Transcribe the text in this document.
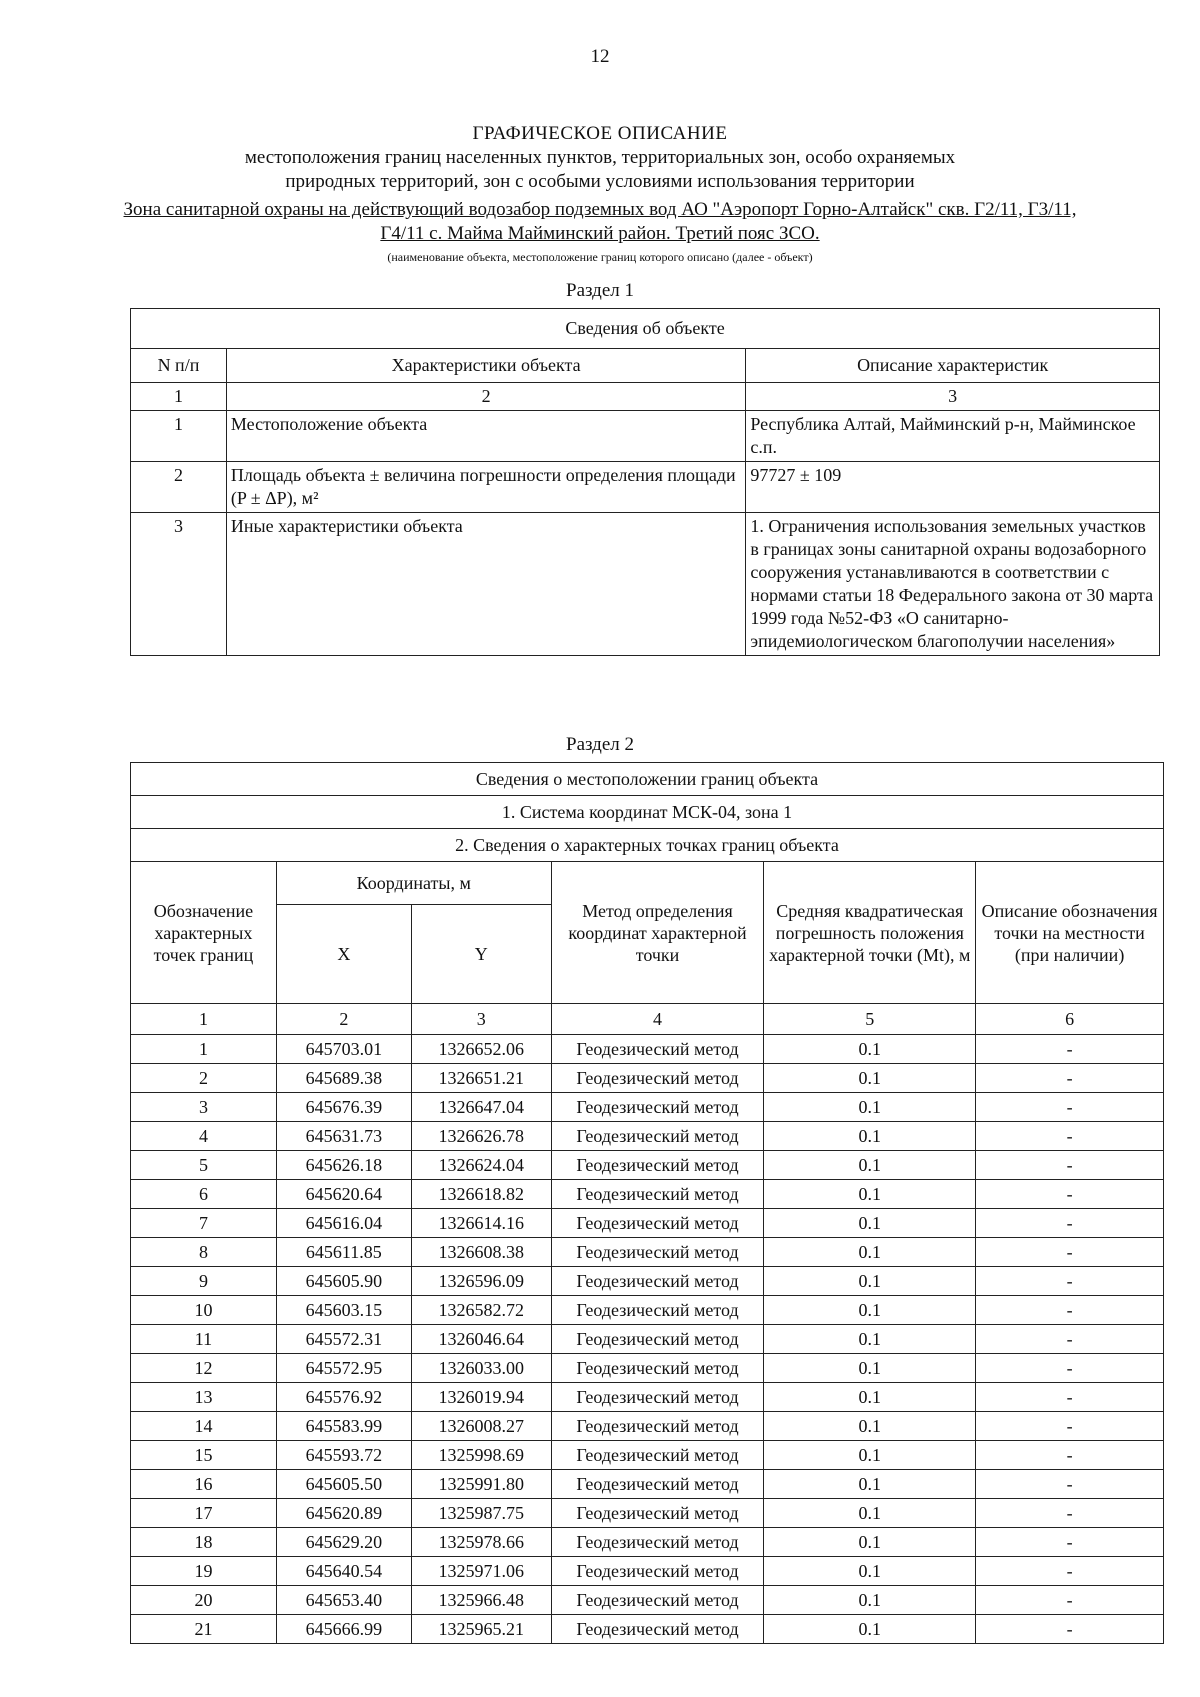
12
ГРАФИЧЕСКОЕ ОПИСАНИЕ
местоположения границ населенных пунктов, территориальных зон, особо охраняемых
природных территорий, зон с особыми условиями использования территории
Зона санитарной охраны на действующий водозабор подземных вод АО "Аэропорт Горно-Алтайск" скв. Г2/11, Г3/11, Г4/11 с. Майма Майминский район. Третий пояс ЗСО.
(наименование объекта, местоположение границ которого описано (далее - объект)
Раздел 1
Сведения об объекте		
N п/п	Характеристики объекта	Описание характеристик
1	2	3
1	Местоположение объекта	Республика Алтай, Майминский р-н, Майминское с.п.
2	Площадь объекта ± величина погрешности определения площади (P ± ΔP), м²	97727 ± 109
3	Иные характеристики объекта	1. Ограничения использования земельных участков в границах зоны санитарной охраны водозаборного сооружения устанавливаются в соответствии с нормами статьи 18 Федерального закона от 30 марта 1999 года №52-ФЗ «О санитарно-эпидемиологическом благополучии населения»
Раздел 2
Сведения о местоположении границ объекта					
1. Система координат МСК-04, зона 1					
2. Сведения о характерных точках границ объекта					
Обозначение характерных точек границ	Координаты, м		Метод определения координат характерной точки	Средняя квадратическая погрешность положения характерной точки (Mt), м	Описание обозначения точки на местности (при наличии)
	X	Y			
1	2	3	4	5	6
1	645703.01	1326652.06	Геодезический метод	0.1	-
2	645689.38	1326651.21	Геодезический метод	0.1	-
3	645676.39	1326647.04	Геодезический метод	0.1	-
4	645631.73	1326626.78	Геодезический метод	0.1	-
5	645626.18	1326624.04	Геодезический метод	0.1	-
6	645620.64	1326618.82	Геодезический метод	0.1	-
7	645616.04	1326614.16	Геодезический метод	0.1	-
8	645611.85	1326608.38	Геодезический метод	0.1	-
9	645605.90	1326596.09	Геодезический метод	0.1	-
10	645603.15	1326582.72	Геодезический метод	0.1	-
11	645572.31	1326046.64	Геодезический метод	0.1	-
12	645572.95	1326033.00	Геодезический метод	0.1	-
13	645576.92	1326019.94	Геодезический метод	0.1	-
14	645583.99	1326008.27	Геодезический метод	0.1	-
15	645593.72	1325998.69	Геодезический метод	0.1	-
16	645605.50	1325991.80	Геодезический метод	0.1	-
17	645620.89	1325987.75	Геодезический метод	0.1	-
18	645629.20	1325978.66	Геодезический метод	0.1	-
19	645640.54	1325971.06	Геодезический метод	0.1	-
20	645653.40	1325966.48	Геодезический метод	0.1	-
21	645666.99	1325965.21	Геодезический метод	0.1	-
